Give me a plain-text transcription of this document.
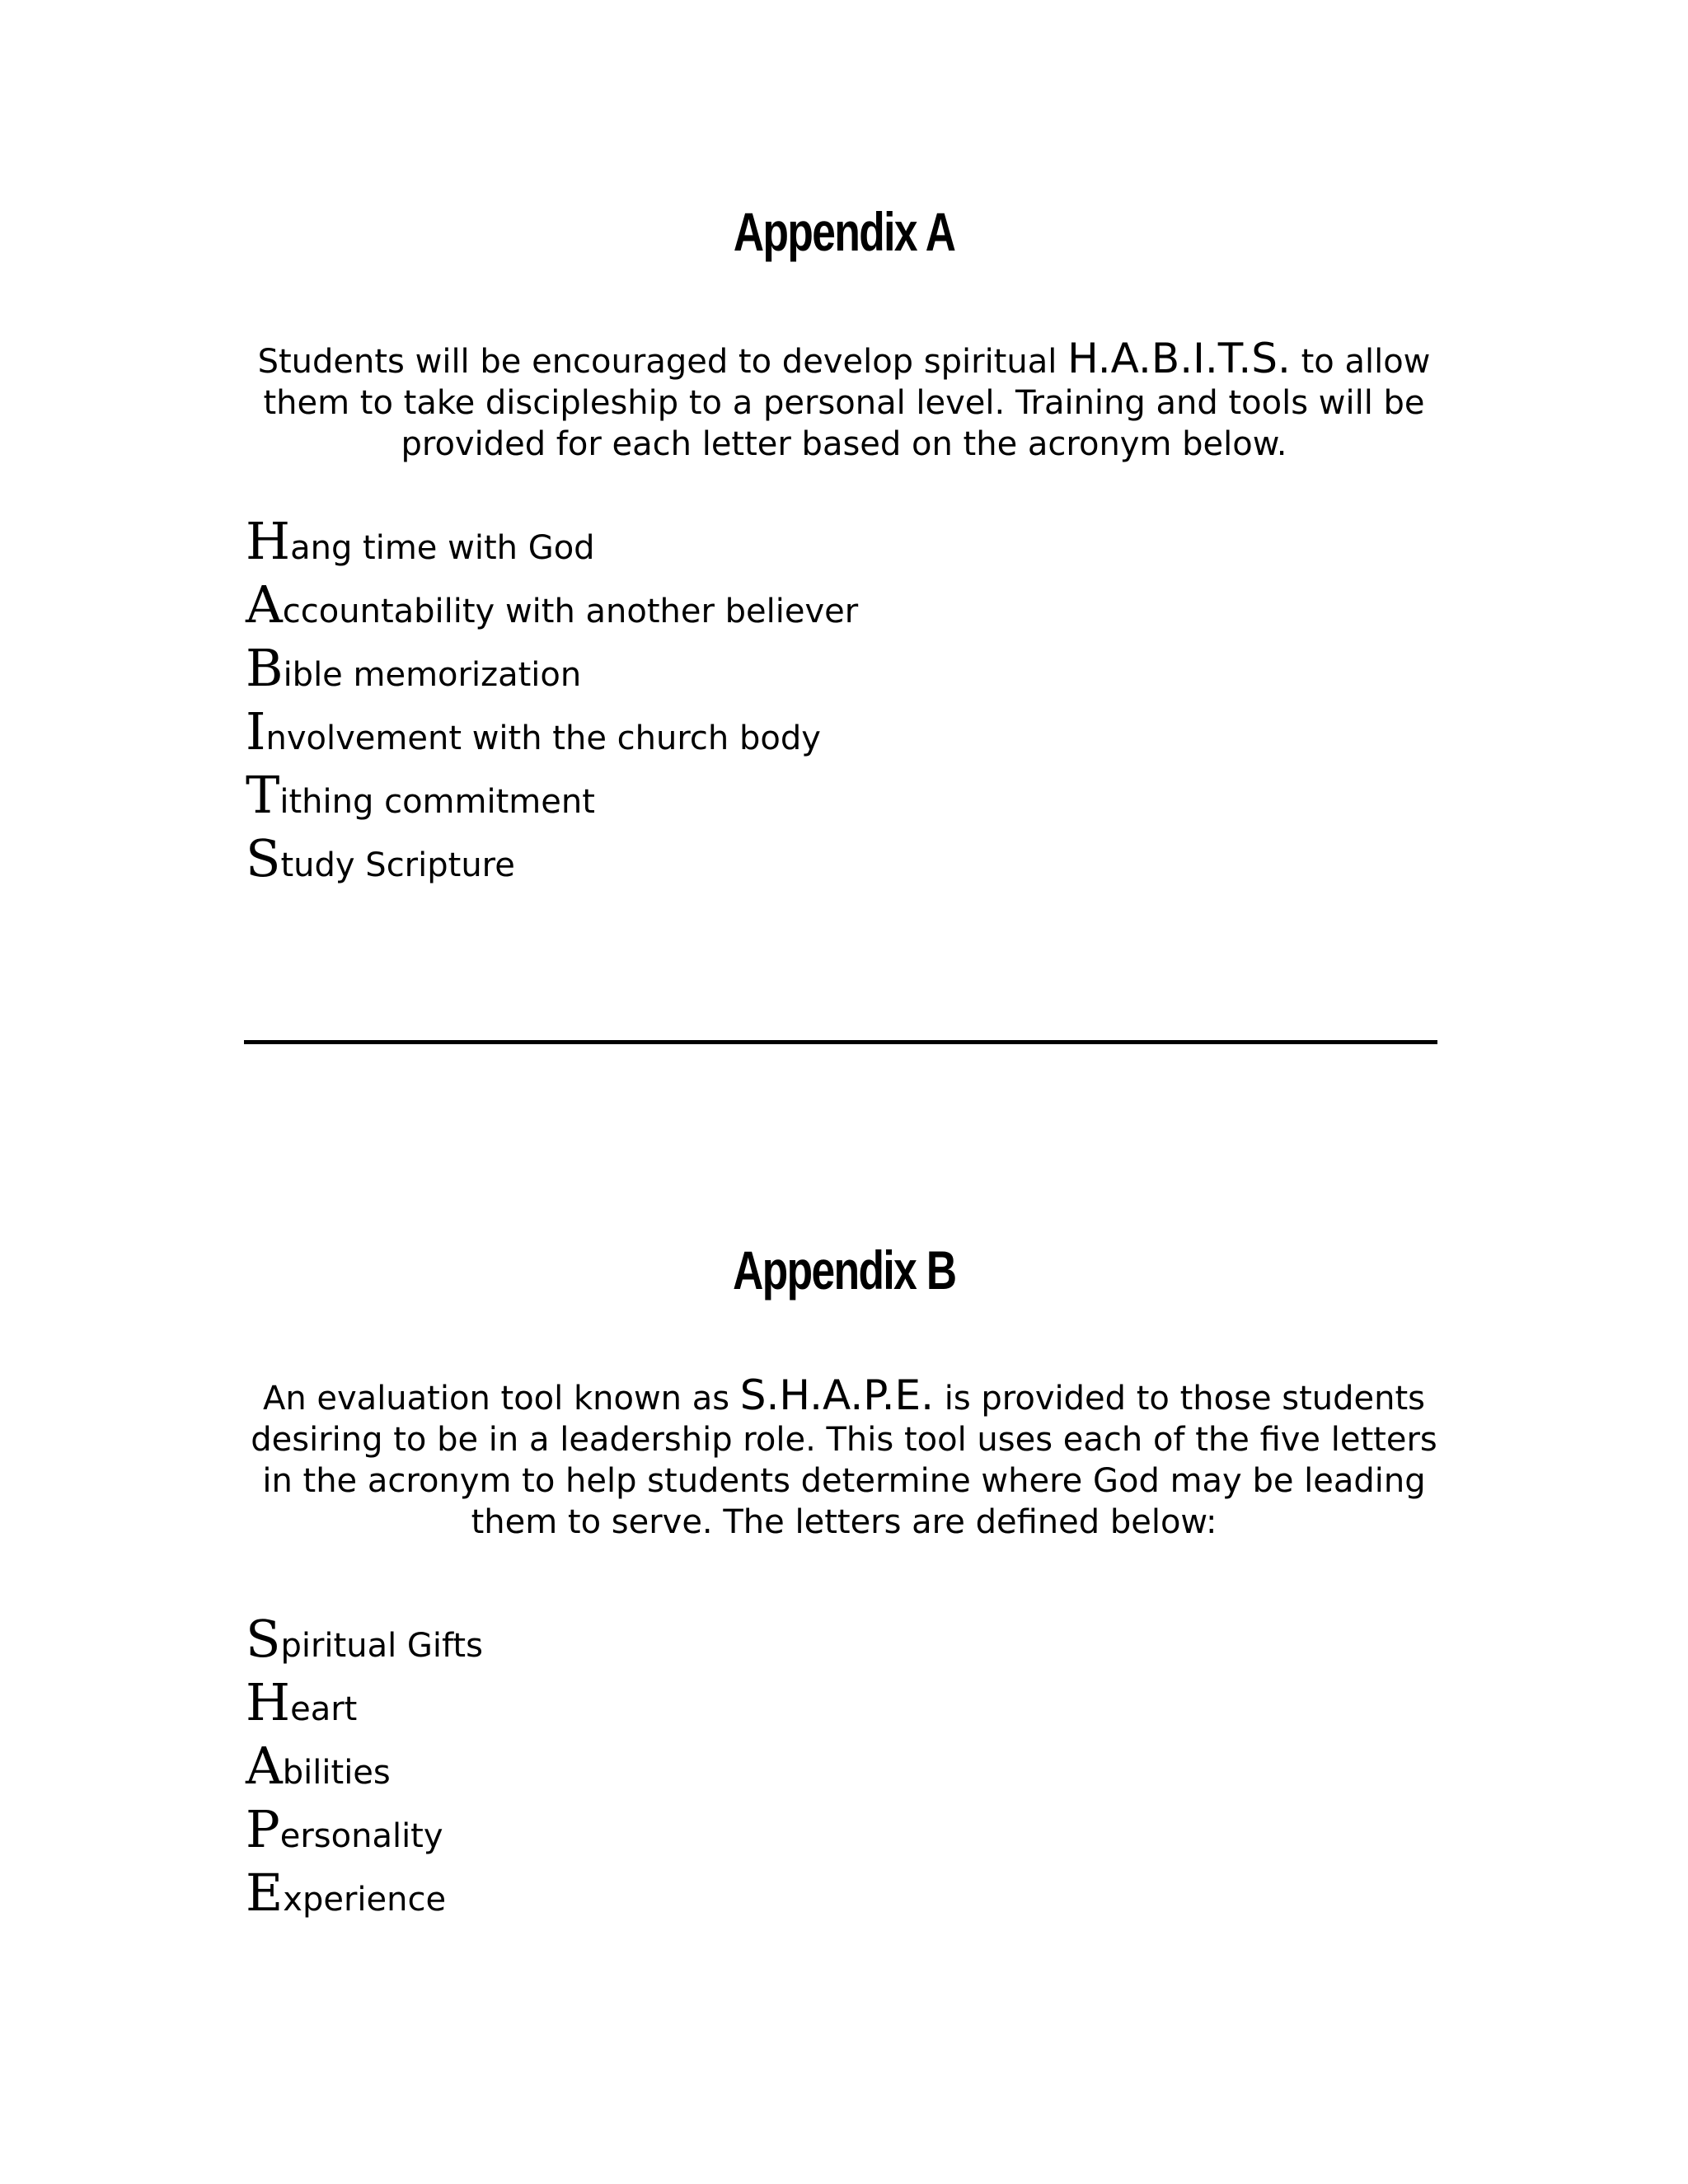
Appendix A

Students will be encouraged to develop spiritual H.A.B.I.T.S. to allow them to take discipleship to a personal level. Training and tools will be provided for each letter based on the acronym below.

Hang time with God
Accountability with another believer
Bible memorization
Involvement with the church body
Tithing commitment
Study Scripture
Appendix B

An evaluation tool known as S.H.A.P.E. is provided to those students desiring to be in a leadership role. This tool uses each of the five letters in the acronym to help students determine where God may be leading them to serve. The letters are defined below:

Spiritual Gifts
Heart
Abilities
Personality
Experience
